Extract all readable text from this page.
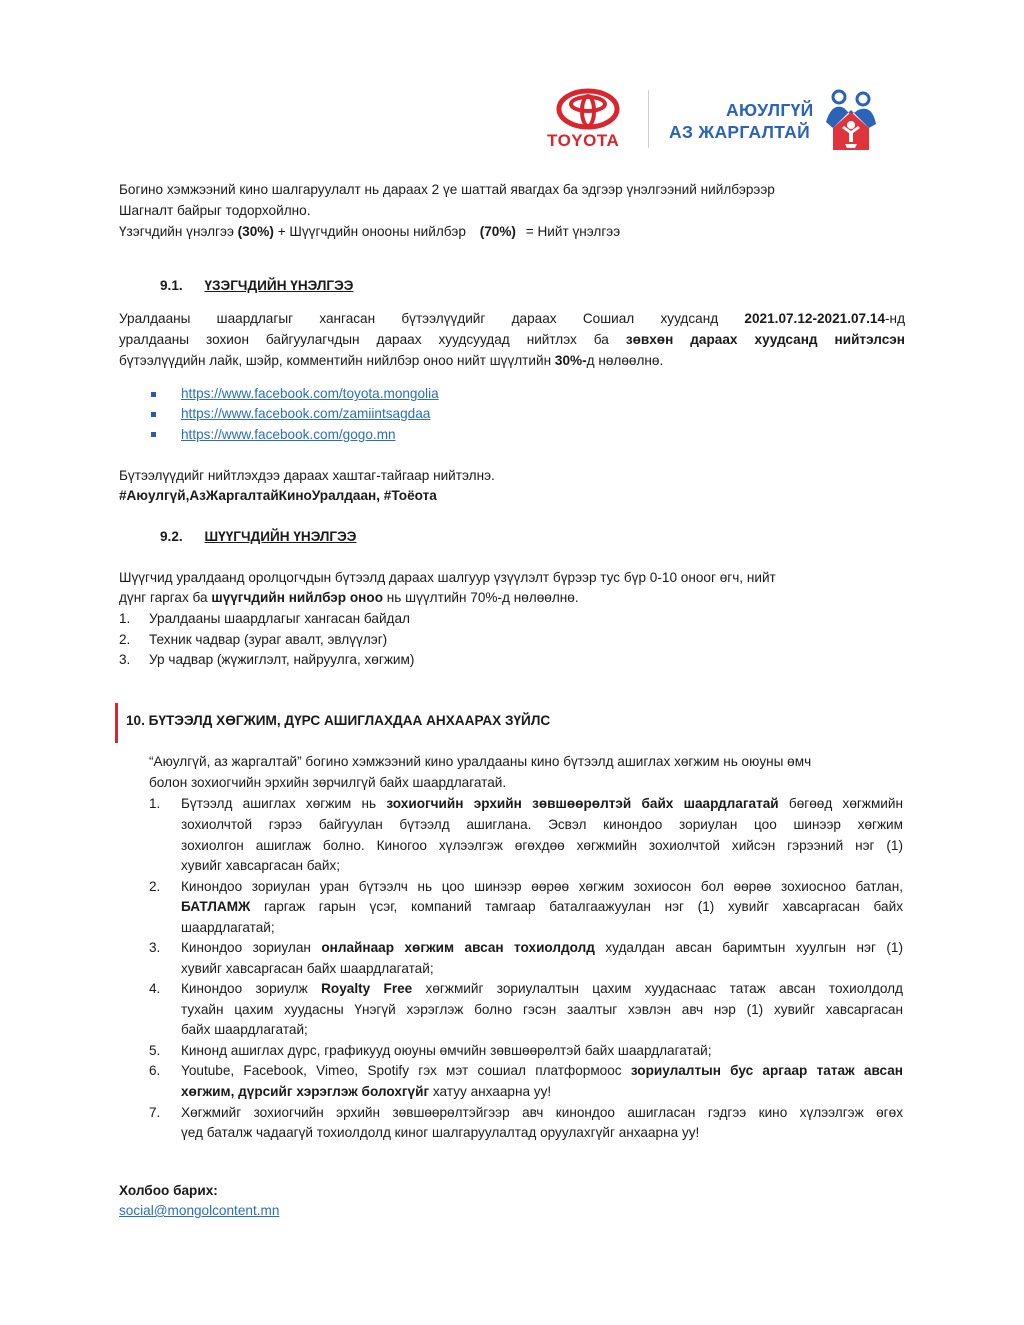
TOYOTA
АЮУЛГҮЙ
АЗ ЖАРГАЛТАЙ
Богино хэмжээний кино шалгаруулалт нь дараах 2 үе шаттай явагдах ба эдгээр үнэлгээний нийлбэрээр
Шагналт байрыг тодорхойлно.
Үзэгчдийн үнэлгээ (30%) + Шүүгчдийн онооны нийлбэр (70%) = Нийт үнэлгээ
9.1. ҮЗЭГЧДИЙН ҮНЭЛГЭЭ
Уралдааны шаардлагыг хангасан бүтээлүүдийг дараах Сошиал хуудсанд 2021.07.12-2021.07.14-нд
уралдааны зохион байгуулагчдын дараах хуудсуудад нийтлэх ба зөвхөн дараах хуудсанд нийтэлсэн
бүтээлүүдийн лайк, шэйр, комментийн нийлбэр оноо нийт шүүлтийн 30%-д нөлөөлнө.
https://www.facebook.com/toyota.mongolia
https://www.facebook.com/zamiintsagdaa
https://www.facebook.com/gogo.mn
Бүтээлүүдийг нийтлэхдээ дараах хаштаг-тайгаар нийтэлнэ.
#Аюулгүй,АзЖаргалтайКиноУралдаан, #Тоёота
9.2. ШҮҮГЧДИЙН ҮНЭЛГЭЭ
Шүүгчид уралдаанд оролцогчдын бүтээлд дараах шалгуур үзүүлэлт бүрээр тус бүр 0-10 оноог өгч, нийт
дүнг гаргах ба шүүгчдийн нийлбэр оноо нь шүүлтийн 70%-д нөлөөлнө.
1. Уралдааны шаардлагыг хангасан байдал
2. Техник чадвар (зураг авалт, эвлүүлэг)
3. Ур чадвар (жүжиглэлт, найруулга, хөгжим)
10. БҮТЭЭЛД ХӨГЖИМ, ДҮРС АШИГЛАХДАА АНХААРАХ ЗҮЙЛС
“Аюулгүй, аз жаргалтай” богино хэмжээний кино уралдааны кино бүтээлд ашиглах хөгжим нь оюуны өмч
болон зохиогчийн эрхийн зөрчилгүй байх шаардлагатай.
1. Бүтээлд ашиглах хөгжим нь зохиогчийн эрхийн зөвшөөрөлтэй байх шаардлагатай бөгөөд хөгжмийн
зохиолчтой гэрээ байгуулан бүтээлд ашиглана. Эсвэл кинондоо зориулан цоо шинээр хөгжим
зохиолгон ашиглаж болно. Киногоо хүлээлгэж өгөхдөө хөгжмийн зохиолчтой хийсэн гэрээний нэг (1)
хувийг хавсаргасан байх;
2. Кинондоо зориулан уран бүтээлч нь цоо шинээр өөрөө хөгжим зохиосон бол өөрөө зохиосноо батлан,
БАТЛАМЖ гаргаж гарын үсэг, компаний тамгаар баталгаажуулан нэг (1) хувийг хавсаргасан байх
шаардлагатай;
3. Кинондоо зориулан онлайнаар хөгжим авсан тохиолдолд худалдан авсан баримтын хуулгын нэг (1)
хувийг хавсаргасан байх шаардлагатай;
4. Кинондоо зориулж Royalty Free хөгжмийг зориулалтын цахим хуудаснаас татаж авсан тохиолдолд
тухайн цахим хуудасны Үнэгүй хэрэглэж болно гэсэн заалтыг хэвлэн авч нэр (1) хувийг хавсаргасан
байх шаардлагатай;
5. Кинонд ашиглах дүрс, графикууд оюуны өмчийн зөвшөөрөлтэй байх шаардлагатай;
6. Youtube, Facebook, Vimeo, Spotify гэх мэт сошиал платформоос зориулалтын бус аргаар татаж авсан
хөгжим, дүрсийг хэрэглэж болохгүйг хатуу анхаарна уу!
7. Хөгжмийг зохиогчийн эрхийн зөвшөөрөлтэйгээр авч кинондоо ашигласан гэдгээ кино хүлээлгэж өгөх
үед баталж чадаагүй тохиолдолд киног шалгаруулалтад оруулахгүйг анхаарна уу!
Холбоо барих:
social@mongolcontent.mn
